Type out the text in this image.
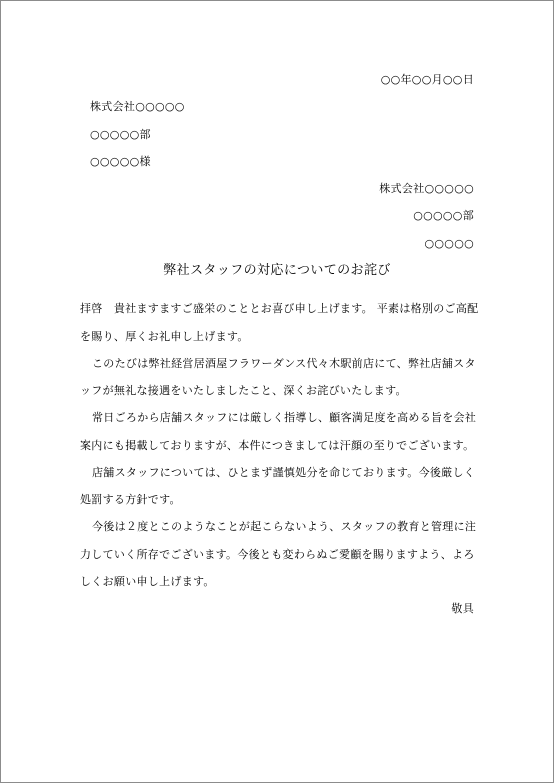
○○年○○月○○日
株式会社○○○○○
○○○○○部
○○○○○様
株式会社○○○○○
○○○○○部
○○○○○
弊社スタッフの対応についてのお詫び
拝啓　貴社ますますご盛栄のこととお喜び申し上げます。 平素は格別のご高配
を賜り、厚くお礼申し上げます。
このたびは弊社経営居酒屋フラワーダンス代々木駅前店にて、弊社店舗スタ
ッフが無礼な接遇をいたしましたこと、深くお詫びいたします。
常日ごろから店舗スタッフには厳しく指導し、顧客満足度を高める旨を会社
案内にも掲載しておりますが、本件につきましては汗顔の至りでございます。
店舗スタッフについては、ひとまず謹慎処分を命じております。今後厳しく
処罰する方針です。
今後は２度とこのようなことが起こらないよう、スタッフの教育と管理に注
力していく所存でございます。今後とも変わらぬご愛顧を賜りますよう、よろ
しくお願い申し上げます。
敬具
